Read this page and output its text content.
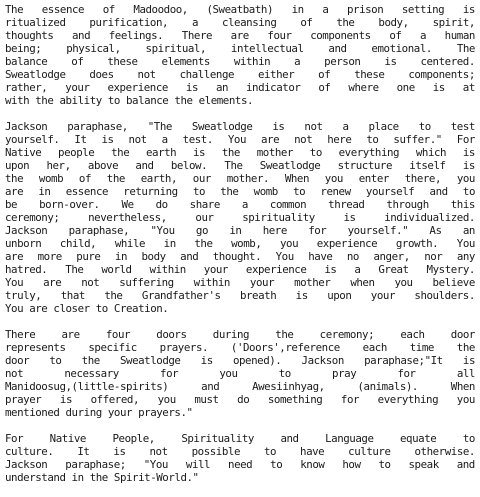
The essence of Madoodoo, (Sweatbath) in a prison setting is
ritualized purification, a cleansing of the body, spirit,
thoughts and feelings. There are four components of a human
being; physical, spiritual, intellectual and emotional. The
balance of these elements within a person is centered.
Sweatlodge does not challenge either of these components;
rather, your experience is an indicator of where one is at
with the ability to balance the elements.
Jackson paraphase, "The Sweatlodge is not a place to test
yourself. It is not a test. You are not here to suffer." For
Native people the earth is the mother to everything which is
upon her, above and below. The Sweatlodge structure itself is
the womb of the earth, our mother. When you enter there, you
are in essence returning to the womb to renew yourself and to
be born-over. We do share a common thread through this
ceremony;	nevertheless,	our	spirituality	is	individualized.
Jackson paraphase, "You go in here for yourself." As an
unborn child, while in the womb, you experience growth. You
are more pure in body and thought. You have no anger, nor any
hatred. The world within your experience is a Great Mystery.
You are not suffering within your mother when you believe
truly, that the Grandfather's breath is upon your shoulders.
You are closer to Creation.
There are four doors during the ceremony; each door
represents specific prayers. ('Doors',reference each time the
door to the Sweatlodge is opened). Jackson paraphase;"It is
not	necessary	for	you	to	pray	for	all
Manidoosug,(little-spirits)	and	Awesiinhyag,	(animals).	When
prayer is offered, you must do something for everything you
mentioned during your prayers."
For Native People, Spirituality and Language equate to
culture. It is not possible to have culture otherwise.
Jackson paraphase; "You will need to know how to speak and
understand in the Spirit-World."
